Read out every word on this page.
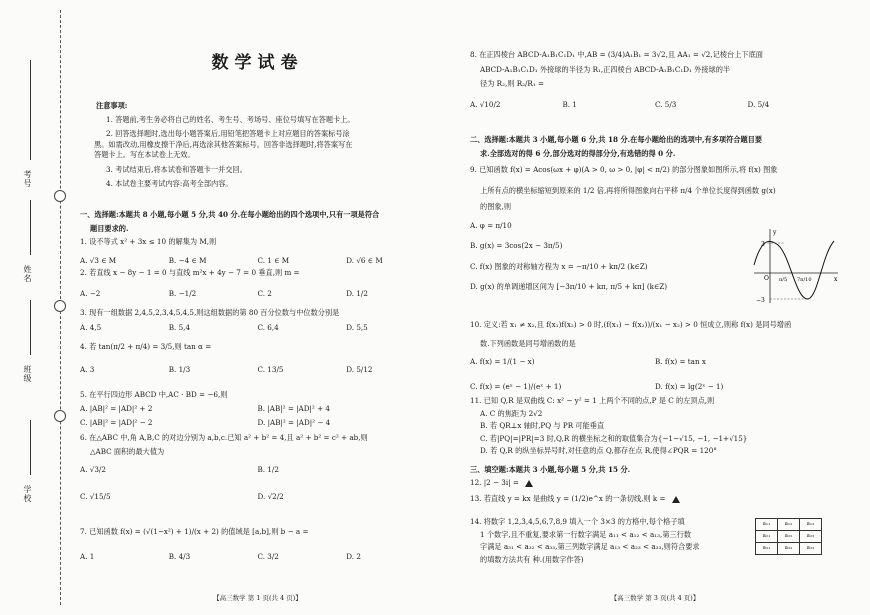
考号
姓名
班级
学校
数学试卷
注意事项:
1. 答题前,考生务必将自己的姓名、考生号、考场号、座位号填写在答题卡上。
2. 回答选择题时,选出每小题答案后,用铅笔把答题卡上对应题目的答案标号涂
黑。如需改动,用橡皮擦干净后,再选涂其他答案标号。回答非选择题时,将答案写在
答题卡上。写在本试卷上无效。
3. 考试结束后,将本试卷和答题卡一并交回。
4. 本试卷主要考试内容:高考全部内容。
一、选择题:本题共 8 小题,每小题 5 分,共 40 分.在每小题给出的四个选项中,只有一项是符合
题目要求的.
1. 设不等式 x² + 3x ≤ 10 的解集为 M,则
A. √3 ∈ M	B. −4 ∈ M	C. 1 ∈ M	D. √6 ∈ M
2. 若直线 x − 8y − 1 = 0 与直线 m²x + 4y − 7 = 0 垂直,则 m =
A. −2	B. −1/2	C. 2	D. 1/2
3. 现有一组数据 2,4,5,2,3,4,5,4,5,则这组数据的第 80 百分位数与中位数分别是
A. 4,5	B. 5,4	C. 6,4	D. 5,5
4. 若 tan(π/2 + π/4) = 3/5,则 tan α =
A. 3	B. 1/3	C. 13/5	D. 5/12
5. 在平行四边形 ABCD 中,AC · BD = −6,则
A. |AB|² = |AD|² + 2	B. |AB|² = |AD|² + 4
C. |AB|² = |AD|² − 2	D. |AB|² = |AD|² − 4
6. 在△ABC 中,角 A,B,C 的对边分别为 a,b,c.已知 a² + b² = 4,且 a² + b² = c² + ab,则
△ABC 面积的最大值为
A. √3/2	B. 1/2
C. √15/5	D. √2/2
7. 已知函数 f(x) = (√(1−x²) + 1)/(x + 2) 的值域是 [a,b],则 b − a =
A. 1	B. 4/3	C. 3/2	D. 2
【高三数学 第 1 页(共 4 页)】
8. 在正四棱台 ABCD-A₁B₁C₁D₁ 中,AB = (3/4)A₁B₁ = 3√2,且 AA₁ = √2,记棱台上下底面
ABCD-A₁B₁C₁D₁ 外接球的半径为 R₁,正四棱台 ABCD-A₁B₁C₁D₁ 外接球的半
径为 R₂,则 R₂/R₁ =
A. √10/2	B. 1	C. 5/3	D. 5/4
二、选择题:本题共 3 小题,每小题 6 分,共 18 分.在每小题给出的选项中,有多项符合题目要
求.全部选对的得 6 分,部分选对的得部分分,有选错的得 0 分.
9. 已知函数 f(x) = Acos(ωx + φ)(A > 0, ω > 0, |φ| < π/2) 的部分图象如图所示,将 f(x) 图象
上所有点的横坐标缩短到原来的 1/2 倍,再将所得图象向右平移 π/4 个单位长度得到函数 g(x)
的图象,则
A. φ = π/10
B. g(x) = 3cos(2x − 3π/5)
C. f(x) 图象的对称轴方程为 x = −π/10 + kπ/2 (k∈Z)
D. g(x) 的单调递增区间为 [−3π/10 + kπ, π/5 + kπ] (k∈Z)
3
−3
O π/5 7π/10	x
y
10. 定义:若 x₁ ≠ x₂,且 f(x₁)f(x₂) > 0 时,(f(x₁) − f(x₂))/(x₁ − x₂) > 0 恒成立,则称 f(x) 是同号增函
数.下列函数是同号增函数的是
A. f(x) = 1/(1 − x)	B. f(x) = tan x
C. f(x) = (eˣ − 1)/(eˣ + 1)	D. f(x) = lg(2ˣ − 1)
11. 已知 Q,R 是双曲线 C: x² − y² = 1 上两个不同的点,P 是 C 的左顶点,则
A. C 的焦距为 2√2
B. 若 QR⊥x 轴时,PQ 与 PR 可能垂直
C. 若|PQ|=|PR|=3 时,Q,R 的横坐标之和的取值集合为{−1−√15, −1, −1+√15}
D. 若 Q,R 的纵坐标异号时,对任意的点 Q,都存在点 R,使得∠PQR = 120°
三、填空题:本题共 3 小题,每小题 5 分,共 15 分.
12. |2 − 3i| =
13. 若直线 y = kx 是曲线 y = (1/2)e^x 的一条切线,则 k =
14. 将数字 1,2,3,4,5,6,7,8,9 填入一个 3×3 的方格中,每个格子填
1 个数字,且不重复,要求第一行数字满足 a₁₁ < a₁₂ < a₁₃,第三行数
字满足 a₃₁ < a₃₂ < a₃₃,第三列数字满足 a₁₃ < a₂₃ < a₃₃,则符合要求
的填数方法共有 种.(用数字作答)
a₁₁	a₁₂	a₁₃
a₂₁	a₂₂	a₂₃
a₃₁	a₃₂	a₃₃
【高三数学 第 3 页(共 4 页)】
